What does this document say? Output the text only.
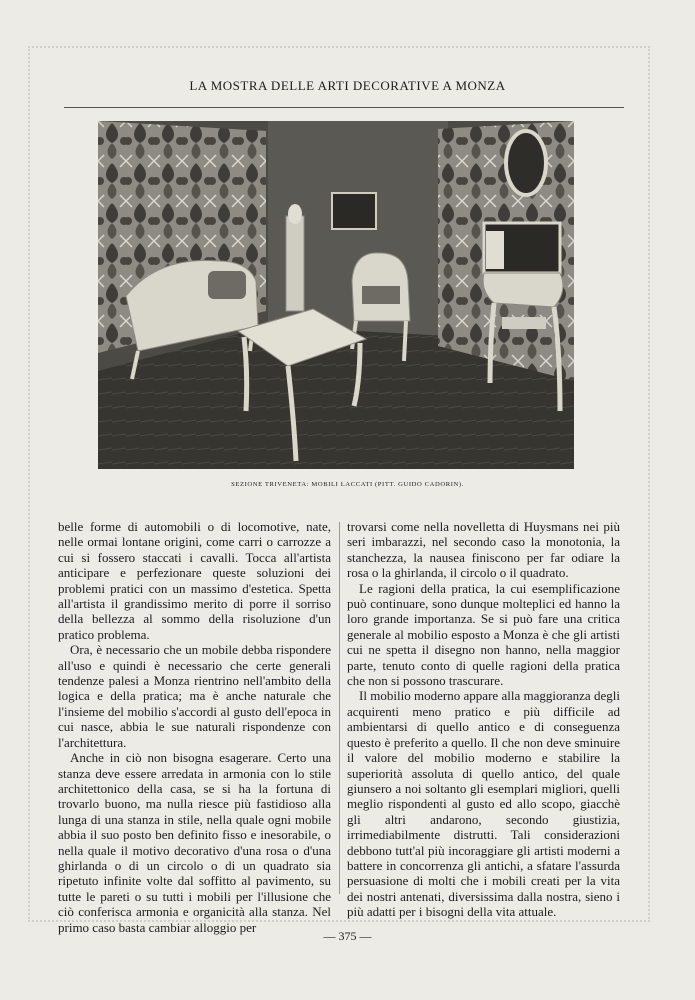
LA MOSTRA DELLE ARTI DECORATIVE A MONZA
SEZIONE TRIVENETA: MOBILI LACCATI (PITT. GUIDO CADORIN).

belle forme di automobili o di locomotive, nate, nelle ormai lontane origini, come carri o carrozze a cui si fossero staccati i cavalli. Tocca all'artista anticipare e perfezionare queste soluzioni dei problemi pratici con un massimo d'estetica. Spetta all'artista il grandissimo merito di porre il sorriso della bellezza al sommo della risoluzione d'un pratico problema.

Ora, è necessario che un mobile debba rispondere all'uso e quindi è necessario che certe generali tendenze palesi a Monza rientrino nell'ambito della logica e della pratica; ma è anche naturale che l'insieme del mobilio s'accordi al gusto dell'epoca in cui nasce, abbia le sue naturali rispondenze con l'architettura.

Anche in ciò non bisogna esagerare. Certo una stanza deve essere arredata in armonia con lo stile architettonico della casa, se si ha la fortuna di trovarlo buono, ma nulla riesce più fastidioso alla lunga di una stanza in stile, nella quale ogni mobile abbia il suo posto ben definito fisso e inesorabile, o nella quale il motivo decorativo d'una rosa o d'una ghirlanda o di un circolo o di un quadrato sia ripetuto infinite volte dal soffitto al pavimento, su tutte le pareti o su tutti i mobili per l'illusione che ciò conferisca armonia e organicità alla stanza. Nel primo caso basta cambiar alloggio per

trovarsi come nella novelletta di Huysmans nei più seri imbarazzi, nel secondo caso la monotonia, la stanchezza, la nausea finiscono per far odiare la rosa o la ghirlanda, il circolo o il quadrato.

Le ragioni della pratica, la cui esemplificazione può continuare, sono dunque molteplici ed hanno la loro grande importanza. Se si può fare una critica generale al mobilio esposto a Monza è che gli artisti cui ne spetta il disegno non hanno, nella maggior parte, tenuto conto di quelle ragioni della pratica che non si possono trascurare.

Il mobilio moderno appare alla maggioranza degli acquirenti meno pratico e più difficile ad ambientarsi di quello antico e di conseguenza questo è preferito a quello. Il che non deve sminuire il valore del mobilio moderno e stabilire la superiorità assoluta di quello antico, del quale giunsero a noi soltanto gli esemplari migliori, quelli meglio rispondenti al gusto ed allo scopo, giacchè gli altri andarono, secondo giustizia, irrimediabilmente distrutti. Tali considerazioni debbono tutt'al più incoraggiare gli artisti moderni a battere in concorrenza gli antichi, a sfatare l'assurda persuasione di molti che i mobili creati per la vita dei nostri antenati, diversissima dalla nostra, sieno i più adatti per i bisogni della vita attuale.

— 375 —
